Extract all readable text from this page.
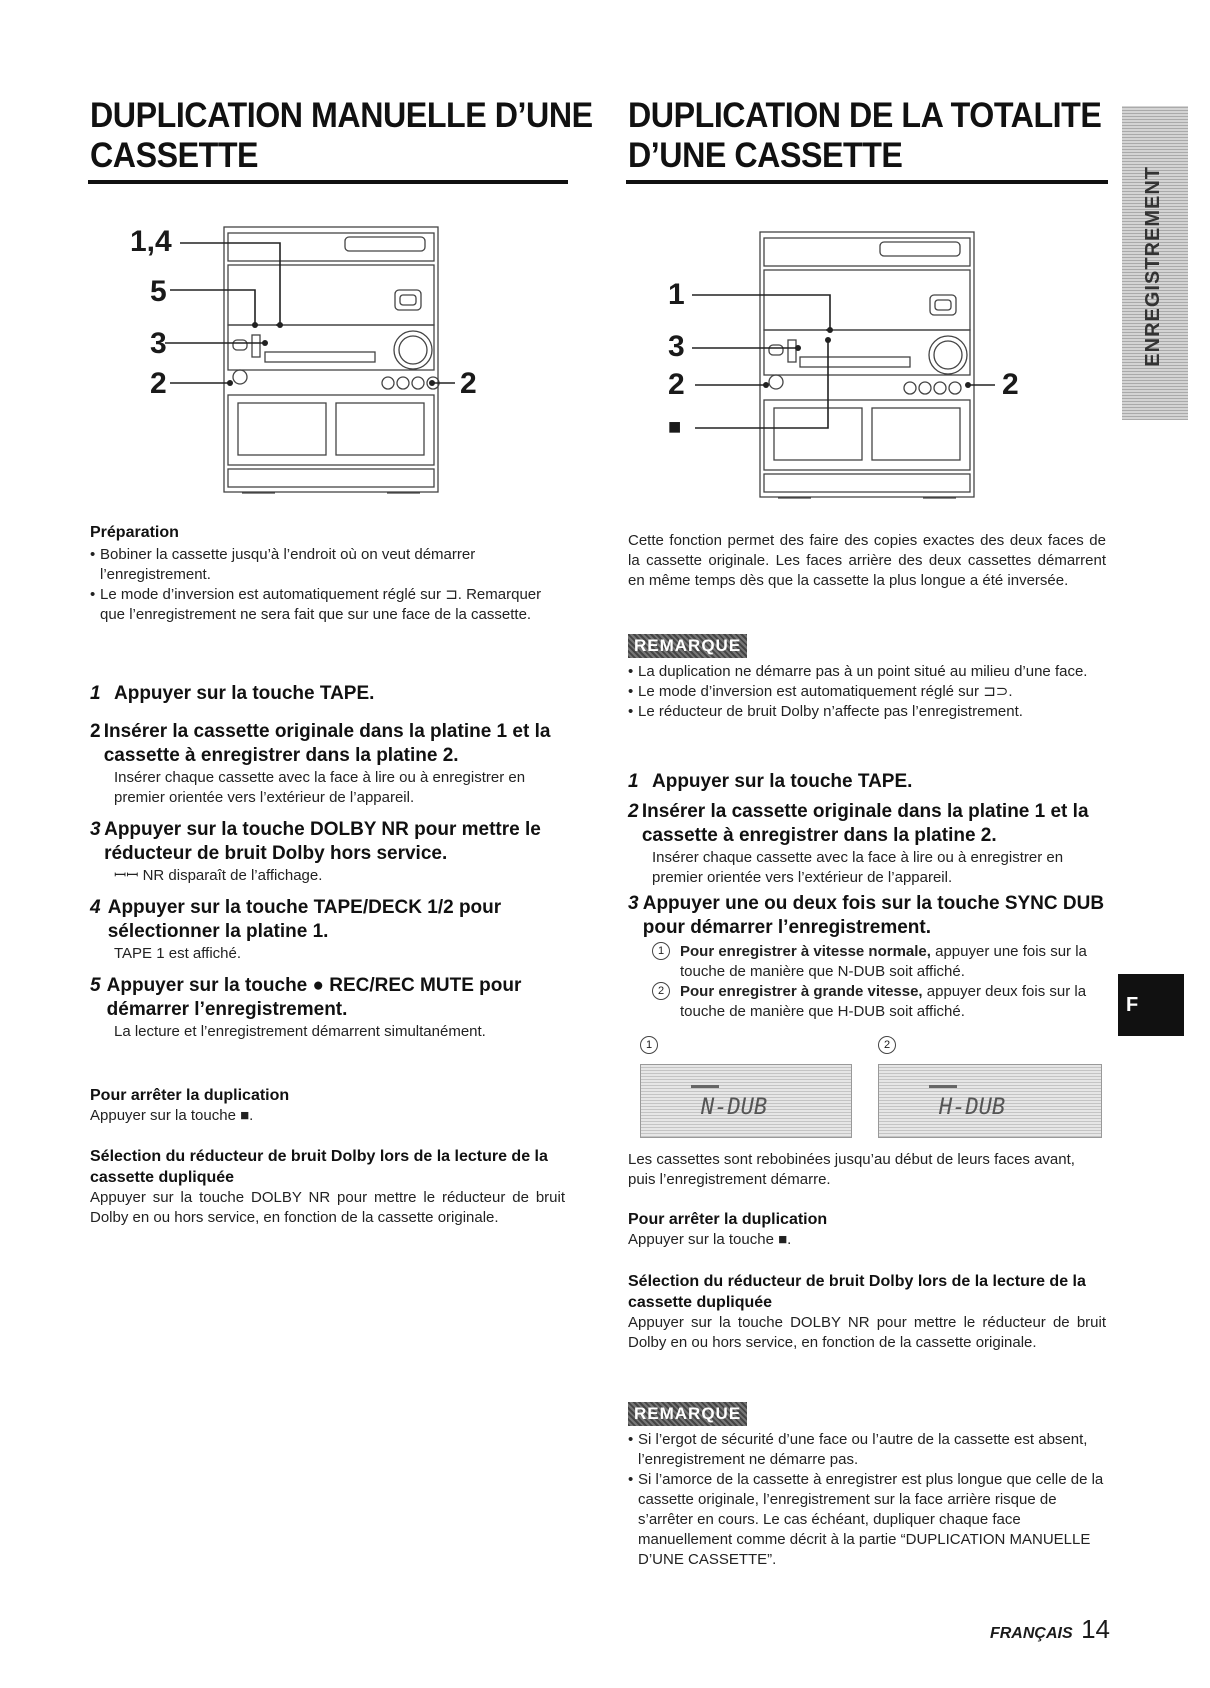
DUPLICATION MANUELLE D’UNE
CASSETTE
1,4
5
3
2	2
Préparation
• Bobiner la cassette jusqu’à l’endroit où on veut démarrer l’enregistrement.
• Le mode d’inversion est automatiquement réglé sur ⊐. Remarquer que l’enregistrement ne sera fait que sur une face de la cassette.
1 Appuyer sur la touche TAPE.
2 Insérer la cassette originale dans la platine 1 et la cassette à enregistrer dans la platine 2.
Insérer chaque cassette avec la face à lire ou à enregistrer en premier orientée vers l’extérieur de l’appareil.
3 Appuyer sur la touche DOLBY NR pour mettre le réducteur de bruit Dolby hors service.
ꟷꟷ NR disparaît de l’affichage.
4 Appuyer sur la touche TAPE/DECK 1/2 pour sélectionner la platine 1.
TAPE 1 est affiché.
5 Appuyer sur la touche ● REC/REC MUTE pour démarrer l’enregistrement.
La lecture et l’enregistrement démarrent simultanément.
Pour arrêter la duplication
Appuyer sur la touche ■.
Sélection du réducteur de bruit Dolby lors de la lecture de la cassette dupliquée
Appuyer sur la touche DOLBY NR pour mettre le réducteur de bruit Dolby en ou hors service, en fonction de la cassette originale.
DUPLICATION DE LA TOTALITE
D’UNE CASSETTE
1
3
2
■
2
Cette fonction permet des faire des copies exactes des deux faces de la cassette originale. Les faces arrière des deux cassettes démarrent en même temps dès que la cassette la plus longue a été inversée.
REMARQUE
• La duplication ne démarre pas à un point situé au milieu d’une face.
• Le mode d’inversion est automatiquement réglé sur ⊐⊃.
• Le réducteur de bruit Dolby n’affecte pas l’enregistrement.
1 Appuyer sur la touche TAPE.
2 Insérer la cassette originale dans la platine 1 et la cassette à enregistrer dans la platine 2.
Insérer chaque cassette avec la face à lire ou à enregistrer en premier orientée vers l’extérieur de l’appareil.
3 Appuyer une ou deux fois sur la touche SYNC DUB pour démarrer l’enregistrement.
1	Pour enregistrer à vitesse normale, appuyer une fois sur la touche de manière que N-DUB soit affiché.
2	Pour enregistrer à grande vitesse, appuyer deux fois sur la touche de manière que H-DUB soit affiché.
1	2
N-DUB	H-DUB
Les cassettes sont rebobinées jusqu’au début de leurs faces avant, puis l’enregistrement démarre.
Pour arrêter la duplication
Appuyer sur la touche ■.
Sélection du réducteur de bruit Dolby lors de la lecture de la cassette dupliquée
Appuyer sur la touche DOLBY NR pour mettre le réducteur de bruit Dolby en ou hors service, en fonction de la cassette originale.
REMARQUE
• Si l’ergot de sécurité d’une face ou l’autre de la cassette est absent, l’enregistrement ne démarre pas.
• Si l’amorce de la cassette à enregistrer est plus longue que celle de la cassette originale, l’enregistrement sur la face arrière risque de s’arrêter en cours. Le cas échéant, dupliquer chaque face manuellement comme décrit à la partie “DUPLICATION MANUELLE D’UNE CASSETTE”.
ENREGISTREMENT
F
FRANÇAIS 14
